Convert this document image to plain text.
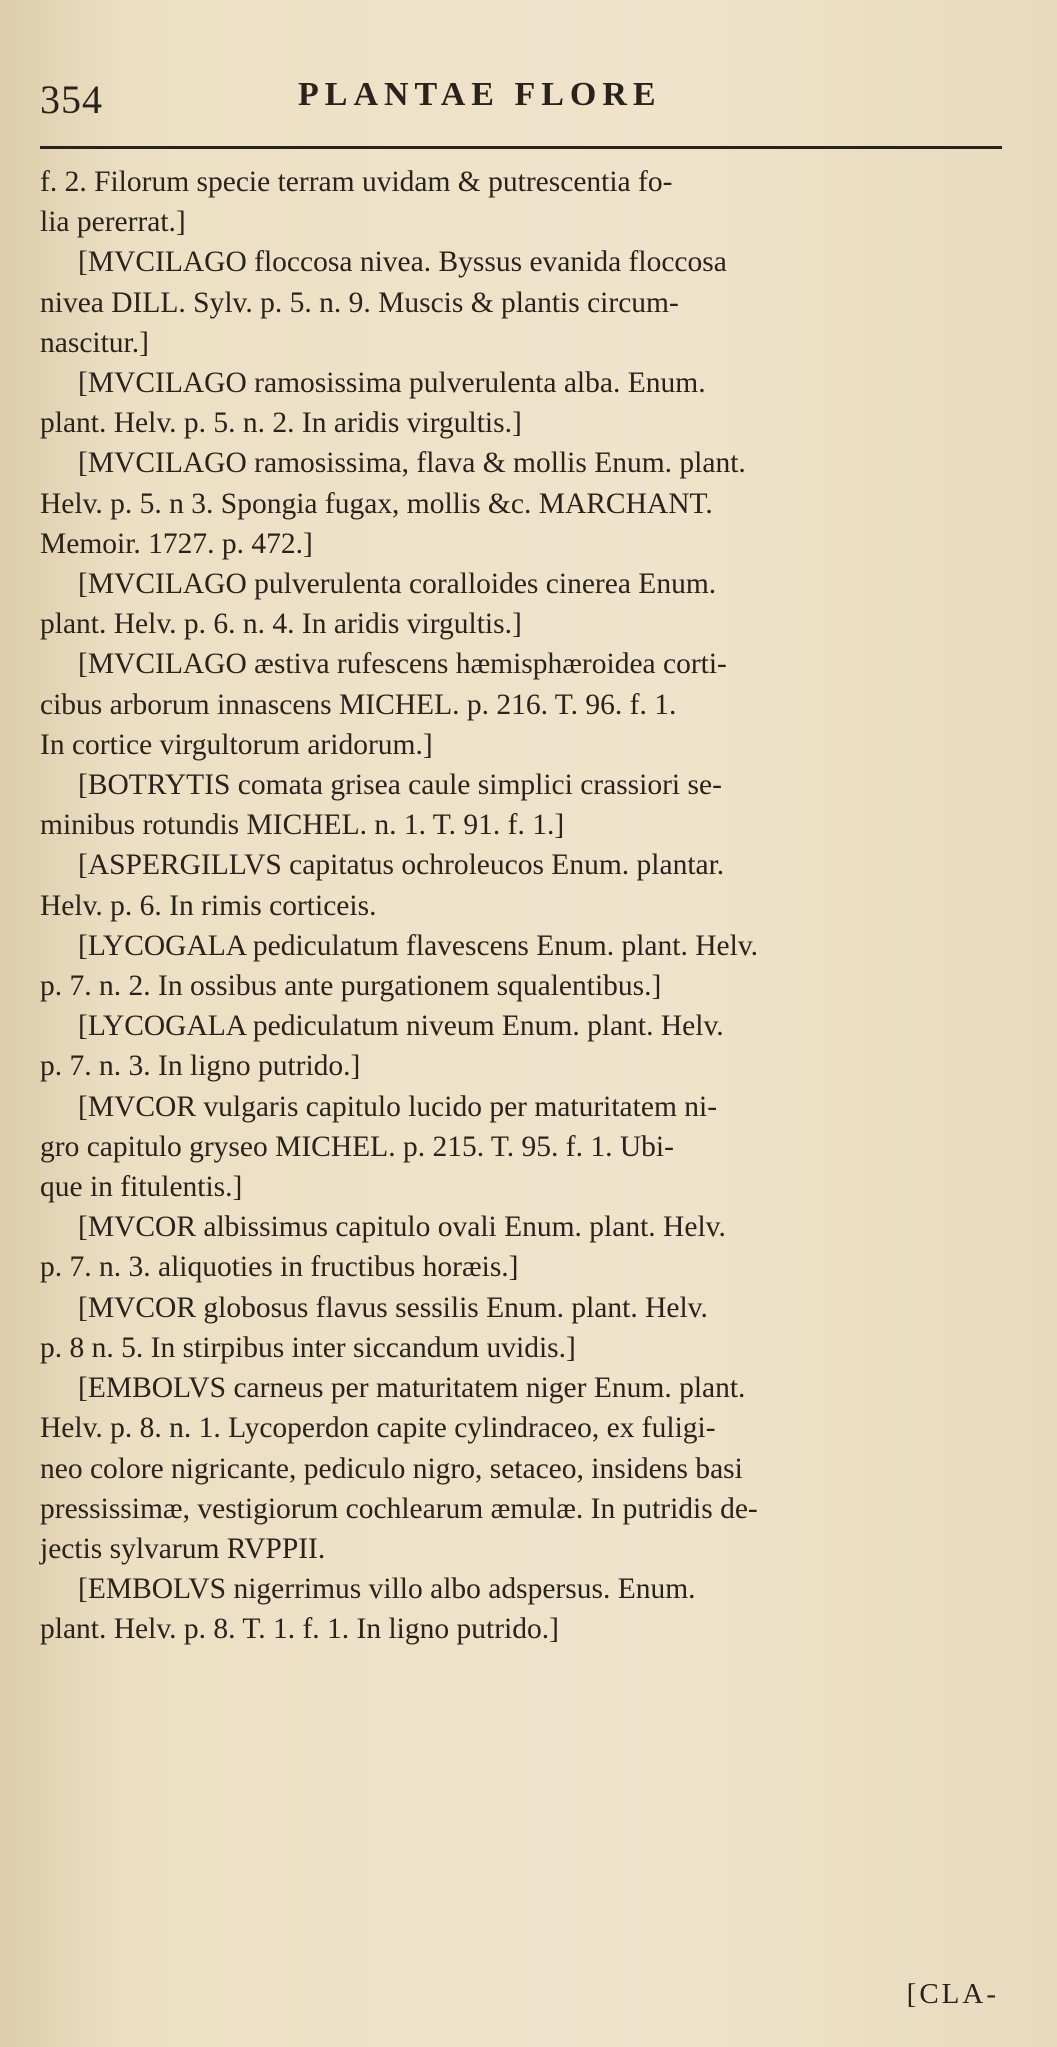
354	PLANTAE FLORE

f. 2. Filorum specie terram uvidam & putrescentia fo-
lia pererrat.]

[MVCILAGO floccosa nivea. Byssus evanida floccosa
nivea DILL. Sylv. p. 5. n. 9. Muscis & plantis circum-
nascitur.]

[MVCILAGO ramosissima pulverulenta alba. Enum.
plant. Helv. p. 5. n. 2. In aridis virgultis.]

[MVCILAGO ramosissima, flava & mollis Enum. plant.
Helv. p. 5. n 3. Spongia fugax, mollis &c. MARCHANT.
Memoir. 1727. p. 472.]

[MVCILAGO pulverulenta coralloides cinerea Enum.
plant. Helv. p. 6. n. 4. In aridis virgultis.]

[MVCILAGO æstiva rufescens hæmisphæroidea corti-
cibus arborum innascens MICHEL. p. 216. T. 96. f. 1.
In cortice virgultorum aridorum.]

[BOTRYTIS comata grisea caule simplici crassiori se-
minibus rotundis MICHEL. n. 1. T. 91. f. 1.]

[ASPERGILLVS capitatus ochroleucos Enum. plantar.
Helv. p. 6. In rimis corticeis.

[LYCOGALA pediculatum flavescens Enum. plant. Helv.
p. 7. n. 2. In ossibus ante purgationem squalentibus.]

[LYCOGALA pediculatum niveum Enum. plant. Helv.
p. 7. n. 3. In ligno putrido.]

[MVCOR vulgaris capitulo lucido per maturitatem ni-
gro capitulo gryseo MICHEL. p. 215. T. 95. f. 1. Ubi-
que in fitulentis.]

[MVCOR albissimus capitulo ovali Enum. plant. Helv.
p. 7. n. 3. aliquoties in fructibus horæis.]

[MVCOR globosus flavus sessilis Enum. plant. Helv.
p. 8 n. 5. In stirpibus inter siccandum uvidis.]

[EMBOLVS carneus per maturitatem niger Enum. plant.
Helv. p. 8. n. 1. Lycoperdon capite cylindraceo, ex fuligi-
neo colore nigricante, pediculo nigro, setaceo, insidens basi
pressissimæ, vestigiorum cochlearum æmulæ. In putridis de-
jectis sylvarum RVPPII.

[EMBOLVS nigerrimus villo albo adspersus. Enum.
plant. Helv. p. 8. T. 1. f. 1. In ligno putrido.]

[CLA-
